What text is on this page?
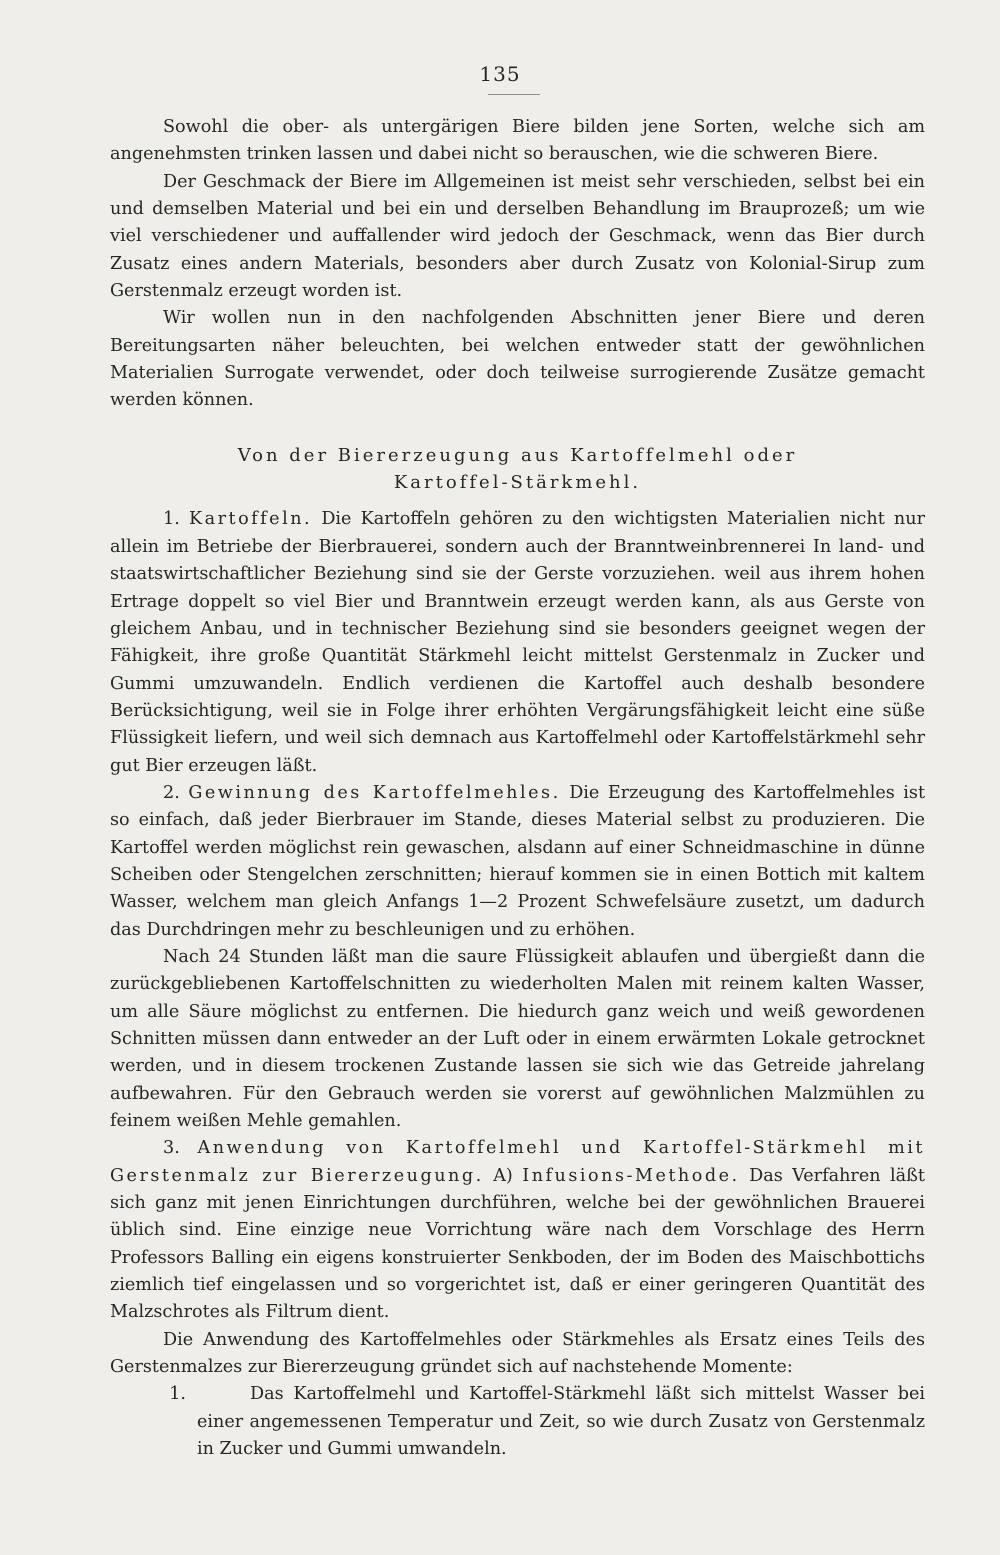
135

Sowohl die ober- als untergärigen Biere bilden jene Sorten, welche sich am angenehmsten trinken lassen und dabei nicht so berauschen, wie die schweren Biere.

Der Geschmack der Biere im Allgemeinen ist meist sehr verschieden, selbst bei ein und demselben Material und bei ein und derselben Behandlung im Brauprozeß; um wie viel verschiedener und auffallender wird jedoch der Geschmack, wenn das Bier durch Zusatz eines andern Materials, besonders aber durch Zusatz von Kolonial-Sirup zum Gerstenmalz erzeugt worden ist.

Wir wollen nun in den nachfolgenden Abschnitten jener Biere und deren Bereitungsarten näher beleuchten, bei welchen entweder statt der gewöhnlichen Materialien Surrogate verwendet, oder doch teilweise surrogierende Zusätze gemacht werden können.

Von der Biererzeugung aus Kartoffelmehl oder
Kartoffel-Stärkmehl.

1. Kartoffeln. Die Kartoffeln gehören zu den wichtigsten Materialien nicht nur allein im Betriebe der Bierbrauerei, sondern auch der Branntweinbrennerei In land- und staatswirtschaftlicher Beziehung sind sie der Gerste vorzuziehen. weil aus ihrem hohen Ertrage doppelt so viel Bier und Branntwein erzeugt werden kann, als aus Gerste von gleichem Anbau, und in technischer Beziehung sind sie besonders geeignet wegen der Fähigkeit, ihre große Quantität Stärkmehl leicht mittelst Gerstenmalz in Zucker und Gummi umzuwandeln. Endlich verdienen die Kartoffel auch deshalb besondere Berücksichtigung, weil sie in Folge ihrer erhöhten Vergärungsfähigkeit leicht eine süße Flüssigkeit liefern, und weil sich demnach aus Kartoffelmehl oder Kartoffelstärkmehl sehr gut Bier erzeugen läßt.

2. Gewinnung des Kartoffelmehles. Die Erzeugung des Kartoffelmehles ist so einfach, daß jeder Bierbrauer im Stande, dieses Material selbst zu produzieren. Die Kartoffel werden möglichst rein gewaschen, alsdann auf einer Schneidmaschine in dünne Scheiben oder Stengelchen zerschnitten; hierauf kommen sie in einen Bottich mit kaltem Wasser, welchem man gleich Anfangs 1—2 Prozent Schwefelsäure zusetzt, um dadurch das Durchdringen mehr zu beschleunigen und zu erhöhen.

Nach 24 Stunden läßt man die saure Flüssigkeit ablaufen und übergießt dann die zurückgebliebenen Kartoffelschnitten zu wiederholten Malen mit reinem kalten Wasser, um alle Säure möglichst zu entfernen. Die hiedurch ganz weich und weiß gewordenen Schnitten müssen dann entweder an der Luft oder in einem erwärmten Lokale getrocknet werden, und in diesem trockenen Zustande lassen sie sich wie das Getreide jahrelang aufbewahren. Für den Gebrauch werden sie vorerst auf gewöhnlichen Malzmühlen zu feinem weißen Mehle gemahlen.

3. Anwendung von Kartoffelmehl und Kartoffel-Stärkmehl mit Gerstenmalz zur Biererzeugung. A) Infusions-Methode. Das Verfahren läßt sich ganz mit jenen Einrichtungen durchführen, welche bei der gewöhnlichen Brauerei üblich sind. Eine einzige neue Vorrichtung wäre nach dem Vorschlage des Herrn Professors Balling ein eigens konstruierter Senkboden, der im Boden des Maischbottichs ziemlich tief eingelassen und so vorgerichtet ist, daß er einer geringeren Quantität des Malzschrotes als Filtrum dient.

Die Anwendung des Kartoffelmehles oder Stärkmehles als Ersatz eines Teils des Gerstenmalzes zur Biererzeugung gründet sich auf nachstehende Momente:

1.	Das Kartoffelmehl und Kartoffel-Stärkmehl läßt sich mittelst Wasser bei einer angemessenen Temperatur und Zeit, so wie durch Zusatz von Gerstenmalz in Zucker und Gummi umwandeln.
